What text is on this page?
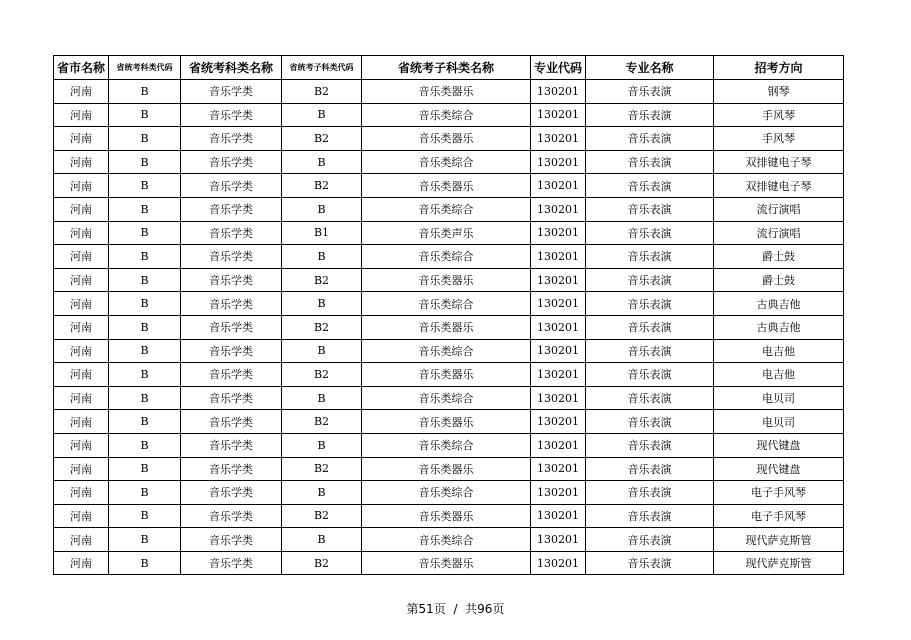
省市名称	省统考科类代码	省统考科类名称	省统考子科类代码	省统考子科类名称	专业代码	专业名称	招考方向
河南	B	音乐学类	B2	音乐类器乐	130201	音乐表演	钢琴
河南	B	音乐学类	B	音乐类综合	130201	音乐表演	手风琴
河南	B	音乐学类	B2	音乐类器乐	130201	音乐表演	手风琴
河南	B	音乐学类	B	音乐类综合	130201	音乐表演	双排键电子琴
河南	B	音乐学类	B2	音乐类器乐	130201	音乐表演	双排键电子琴
河南	B	音乐学类	B	音乐类综合	130201	音乐表演	流行演唱
河南	B	音乐学类	B1	音乐类声乐	130201	音乐表演	流行演唱
河南	B	音乐学类	B	音乐类综合	130201	音乐表演	爵士鼓
河南	B	音乐学类	B2	音乐类器乐	130201	音乐表演	爵士鼓
河南	B	音乐学类	B	音乐类综合	130201	音乐表演	古典吉他
河南	B	音乐学类	B2	音乐类器乐	130201	音乐表演	古典吉他
河南	B	音乐学类	B	音乐类综合	130201	音乐表演	电吉他
河南	B	音乐学类	B2	音乐类器乐	130201	音乐表演	电吉他
河南	B	音乐学类	B	音乐类综合	130201	音乐表演	电贝司
河南	B	音乐学类	B2	音乐类器乐	130201	音乐表演	电贝司
河南	B	音乐学类	B	音乐类综合	130201	音乐表演	现代键盘
河南	B	音乐学类	B2	音乐类器乐	130201	音乐表演	现代键盘
河南	B	音乐学类	B	音乐类综合	130201	音乐表演	电子手风琴
河南	B	音乐学类	B2	音乐类器乐	130201	音乐表演	电子手风琴
河南	B	音乐学类	B	音乐类综合	130201	音乐表演	现代萨克斯管
河南	B	音乐学类	B2	音乐类器乐	130201	音乐表演	现代萨克斯管
第51页 / 共96页
